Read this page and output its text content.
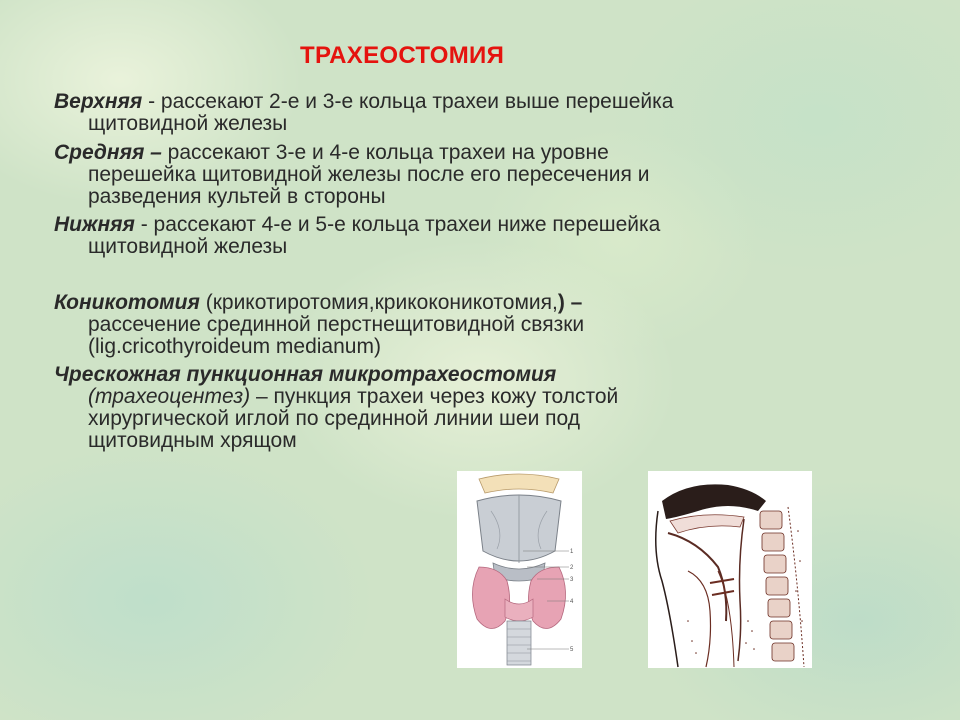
ТРАХЕОСТОМИЯ
Верхняя - рассекают 2-е и 3-е кольца трахеи выше перешейка
щитовидной железы
Средняя – рассекают 3-е и 4-е кольца трахеи на уровне
перешейка щитовидной железы после его пересечения и
разведения культей в стороны
Нижняя - рассекают 4-е и 5-е кольца трахеи ниже перешейка
щитовидной железы
Коникотомия (крикотиротомия,крикоконикотомия,) –
рассечение срединной перстнещитовидной связки
(lig.cricothyroideum medianum)
Чрескожная пункционная микротрахеостомия
(трахеоцентез) – пункция трахеи через кожу толстой
хирургической иглой по срединной линии шеи под
щитовидным хрящом
1
2
3
4
5
